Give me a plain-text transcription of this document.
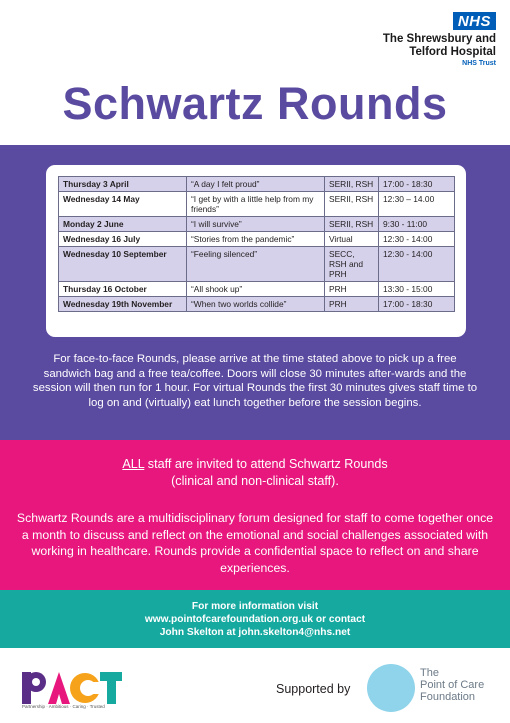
NHS
The Shrewsbury and
Telford Hospital
NHS Trust
Schwartz Rounds
Thursday 3 April	“A day I felt proud”	SERII, RSH	17:00 - 18:30
Wednesday 14 May	“I get by with a little help from my friends”	SERII, RSH	12:30 – 14.00
Monday 2 June	“I will survive”	SERII, RSH	9:30 - 11:00
Wednesday 16 July	“Stories from the pandemic”	Virtual	12:30 - 14:00
Wednesday 10 September	“Feeling silenced”	SECC, RSH and PRH	12:30 - 14:00
Thursday 16 October	“All shook up”	PRH	13:30 - 15:00
Wednesday 19th November	“When two worlds collide”	PRH	17:00 - 18:30
For face-to-face Rounds, please arrive at the time stated above to pick up a free sandwich bag and a free tea/coffee. Doors will close 30 minutes after-wards and the session will then run for 1 hour. For virtual Rounds the first 30 minutes gives staff time to log on and (virtually) eat lunch together before the session begins.
ALL staff are invited to attend Schwartz Rounds
(clinical and non-clinical staff).
Schwartz Rounds are a multidisciplinary forum designed for staff to come together once a month to discuss and reflect on the emotional and social challenges associated with working in healthcare. Rounds provide a confidential space to reflect on and share experiences.
For more information visit
www.pointofcarefoundation.org.uk or contact
John Skelton at john.skelton4@nhs.net
Partnership · Ambitious · Caring · Trusted
Supported by
The
Point of Care
Foundation
